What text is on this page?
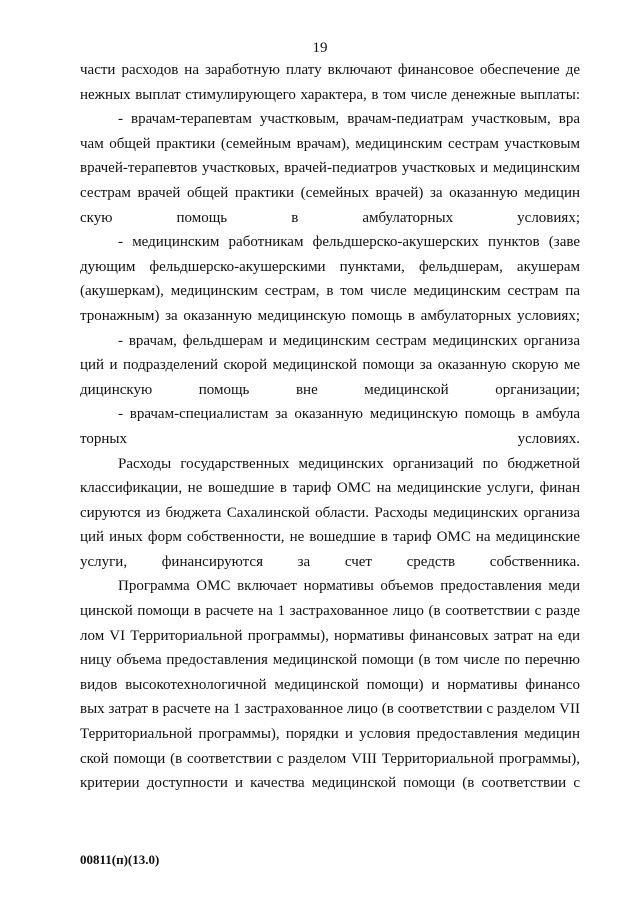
19

части расходов на заработную плату включают финансовое обеспечение де нежных выплат стимулирующего характера, в том числе денежные выплаты:

- врачам-терапевтам участковым, врачам-педиатрам участковым, вра чам общей практики (семейным врачам), медицинским сестрам участковым врачей-терапевтов участковых, врачей-педиатров участковых и медицинским сестрам врачей общей практики (семейных врачей) за оказанную медицин скую помощь в амбулаторных условиях;

- медицинским работникам фельдшерско-акушерских пунктов (заве дующим фельдшерско-акушерскими пунктами, фельдшерам, акушерам (акушеркам), медицинским сестрам, в том числе медицинским сестрам па тронажным) за оказанную медицинскую помощь в амбулаторных условиях;

- врачам, фельдшерам и медицинским сестрам медицинских организа ций и подразделений скорой медицинской помощи за оказанную скорую ме дицинскую помощь вне медицинской организации;

- врачам-специалистам за оказанную медицинскую помощь в амбула торных условиях.

Расходы государственных медицинских организаций по бюджетной классификации, не вошедшие в тариф ОМС на медицинские услуги, финан сируются из бюджета Сахалинской области. Расходы медицинских организа ций иных форм собственности, не вошедшие в тариф ОМС на медицинские услуги, финансируются за счет средств собственника.

Программа ОМС включает нормативы объемов предоставления меди цинской помощи в расчете на 1 застрахованное лицо (в соответствии с разде лом VI Территориальной программы), нормативы финансовых затрат на еди ницу объема предоставления медицинской помощи (в том числе по перечню видов высокотехнологичной медицинской помощи) и нормативы финансо вых затрат в расчете на 1 застрахованное лицо (в соответствии с разделом VII Территориальной программы), порядки и условия предоставления медицин ской помощи (в соответствии с разделом VIII Территориальной программы), критерии доступности и качества медицинской помощи (в соответствии с

00811(п)(13.0)
